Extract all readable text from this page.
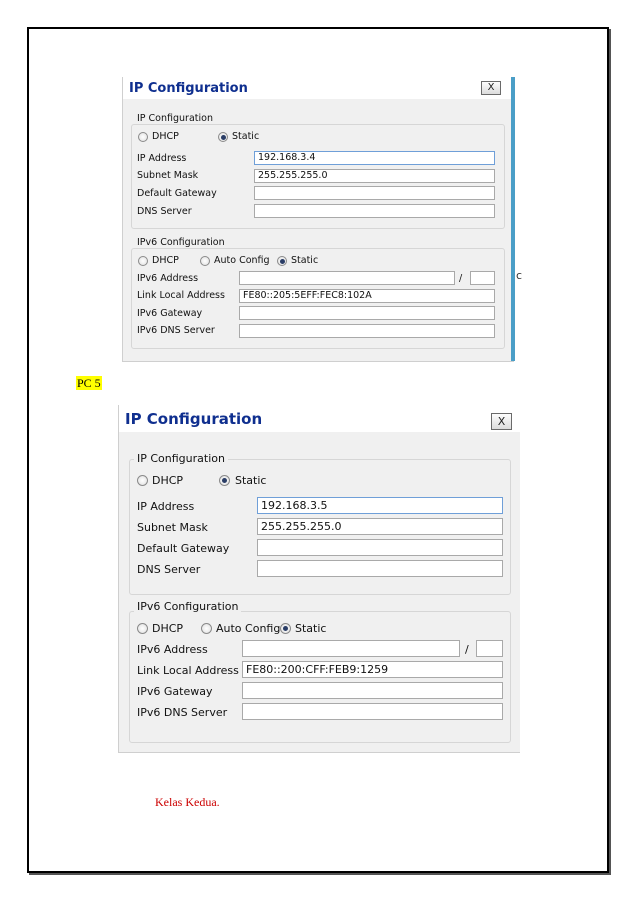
IP Configuration	X
c
IP Configuration
DHCP	Static
IP Address	192.168.3.4
Subnet Mask	255.255.255.0
Default Gateway
DNS Server
IPv6 Configuration
DHCP	Auto Config Static
IPv6 Address	/
Link Local Address	FE80::205:5EFF:FEC8:102A
IPv6 Gateway
IPv6 DNS Server
PC 5
IP Configuration	X
IP Configuration
DHCP	Static
IP Address	192.168.3.5
Subnet Mask	255.255.255.0
Default Gateway
DNS Server
IPv6 Configuration
DHCP	Auto Config Static
IPv6 Address	/
Link Local Address FE80::200:CFF:FEB9:1259
IPv6 Gateway
IPv6 DNS Server
Kelas Kedua.
